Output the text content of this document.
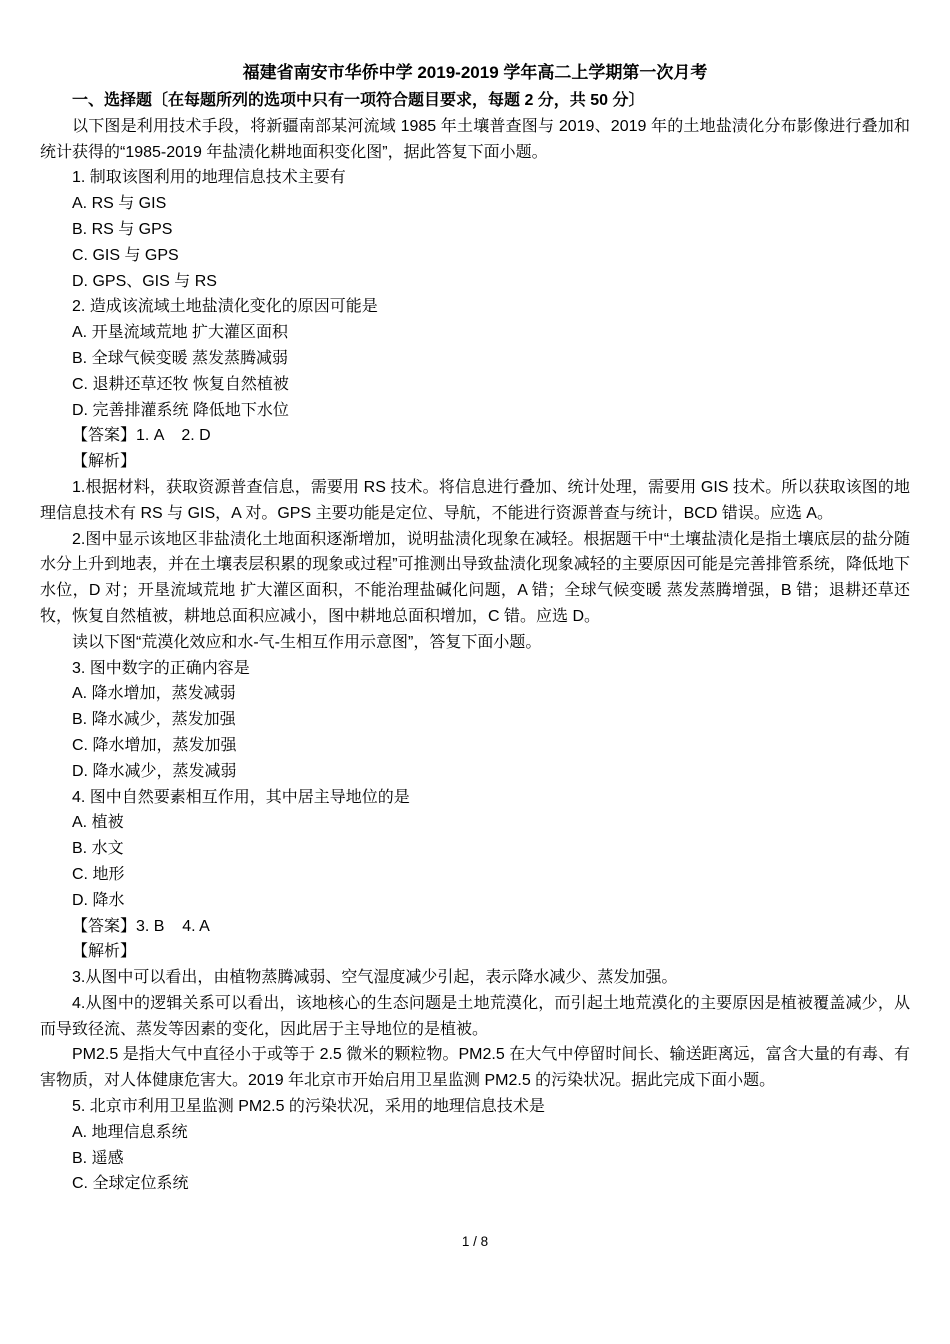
福建省南安市华侨中学 2019-2019 学年高二上学期第一次月考

一、选择题〔在每题所列的选项中只有一项符合题目要求，每题 2 分，共 50 分〕

以下图是利用技术手段，将新疆南部某河流域 1985 年土壤普查图与 2019、2019 年的土地盐渍化分布影像进行叠加和统计获得的“1985-2019 年盐渍化耕地面积变化图”，据此答复下面小题。

1. 制取该图利用的地理信息技术主要有

A. RS 与 GIS

B. RS 与 GPS

C. GIS 与 GPS

D. GPS、GIS 与 RS

2. 造成该流域土地盐渍化变化的原因可能是

A. 开垦流域荒地 扩大灌区面积

B. 全球气候变暖 蒸发蒸腾减弱

C. 退耕还草还牧 恢复自然植被

D. 完善排灌系统 降低地下水位

【答案】1. A    2. D

【解析】

1.根据材料，获取资源普查信息，需要用 RS 技术。将信息进行叠加、统计处理，需要用 GIS 技术。所以获取该图的地理信息技术有 RS 与 GIS，A 对。GPS 主要功能是定位、导航，不能进行资源普查与统计，BCD 错误。应选 A。

2.图中显示该地区非盐渍化土地面积逐渐增加，说明盐渍化现象在减轻。根据题干中“土壤盐渍化是指土壤底层的盐分随水分上升到地表，并在土壤表层积累的现象或过程”可推测出导致盐渍化现象减轻的主要原因可能是完善排管系统，降低地下水位，D 对；开垦流域荒地 扩大灌区面积，不能治理盐碱化问题，A 错；全球气候变暖 蒸发蒸腾增强，B 错；退耕还草还牧，恢复自然植被，耕地总面积应减小，图中耕地总面积增加，C 错。应选 D。

读以下图“荒漠化效应和水-气-生相互作用示意图”，答复下面小题。

3. 图中数字的正确内容是

A. 降水增加，蒸发减弱

B. 降水减少，蒸发加强

C. 降水增加，蒸发加强

D. 降水减少，蒸发减弱

4. 图中自然要素相互作用，其中居主导地位的是

A. 植被

B. 水文

C. 地形

D. 降水

【答案】3. B    4. A

【解析】

3.从图中可以看出，由植物蒸腾减弱、空气湿度减少引起，表示降水减少、蒸发加强。

4.从图中的逻辑关系可以看出，该地核心的生态问题是土地荒漠化，而引起土地荒漠化的主要原因是植被覆盖减少，从而导致径流、蒸发等因素的变化，因此居于主导地位的是植被。

PM2.5 是指大气中直径小于或等于 2.5 微米的颗粒物。PM2.5 在大气中停留时间长、输送距离远，富含大量的有毒、有害物质，对人体健康危害大。2019 年北京市开始启用卫星监测 PM2.5 的污染状况。据此完成下面小题。

5. 北京市利用卫星监测 PM2.5 的污染状况，采用的地理信息技术是

A. 地理信息系统

B. 遥感

C. 全球定位系统

1 / 8
